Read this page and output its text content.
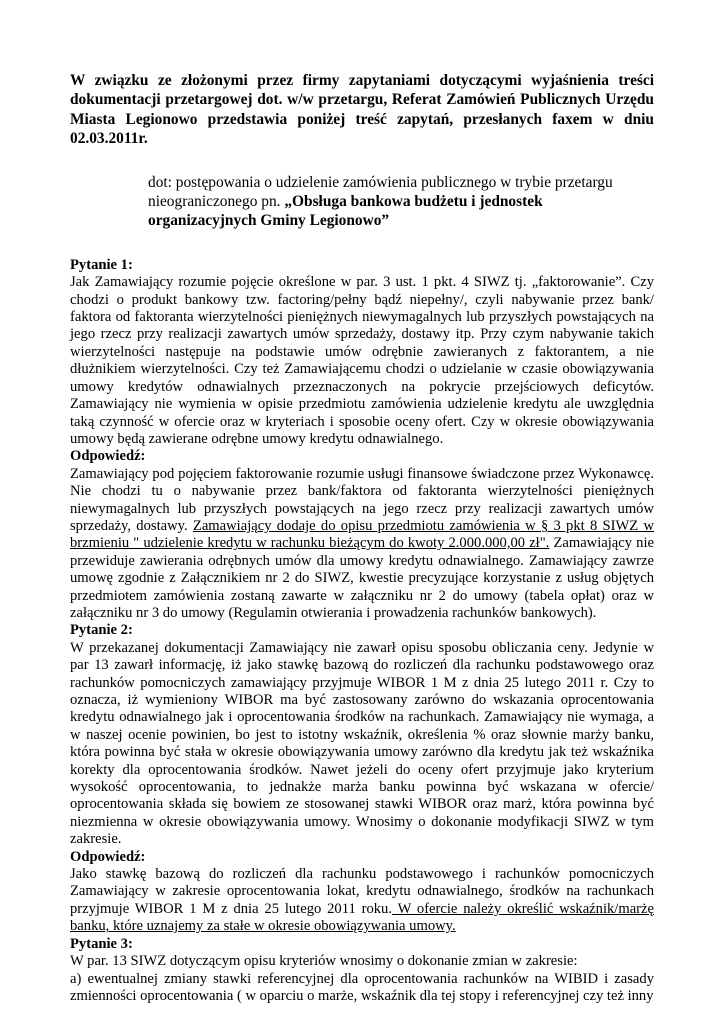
W związku ze złożonymi przez firmy zapytaniami dotyczącymi wyjaśnienia treści dokumentacji przetargowej dot. w/w przetargu, Referat Zamówień Publicznych Urzędu Miasta Legionowo przedstawia poniżej treść zapytań, przesłanych faxem w dniu 02.03.2011r.

dot: postępowania o udzielenie zamówienia publicznego w trybie przetargu nieograniczonego pn. „Obsługa bankowa budżetu i jednostek organizacyjnych Gminy Legionowo”

Pytanie 1:

Jak Zamawiający rozumie pojęcie określone w par. 3 ust. 1 pkt. 4 SIWZ tj. „faktorowanie”. Czy chodzi o produkt bankowy tzw. factoring/pełny bądź niepełny/, czyli nabywanie przez bank/ faktora od faktoranta wierzytelności pieniężnych niewymagalnych lub przyszłych powstających na jego rzecz przy realizacji zawartych umów sprzedaży, dostawy itp. Przy czym nabywanie takich wierzytelności następuje na podstawie umów odrębnie zawieranych z faktorantem, a nie dłużnikiem wierzytelności. Czy też Zamawiającemu chodzi o udzielanie w czasie obowiązywania umowy kredytów odnawialnych przeznaczonych na pokrycie przejściowych deficytów. Zamawiający nie wymienia w opisie przedmiotu zamówienia udzielenie kredytu ale uwzględnia taką czynność w ofercie oraz w kryteriach i sposobie oceny ofert. Czy w okresie obowiązywania umowy będą zawierane odrębne umowy kredytu odnawialnego.

Odpowiedź:

Zamawiający pod pojęciem faktorowanie rozumie usługi finansowe świadczone przez Wykonawcę. Nie chodzi tu o nabywanie przez bank/faktora od faktoranta wierzytelności pieniężnych niewymagalnych lub przyszłych powstających na jego rzecz przy realizacji zawartych umów sprzedaży, dostawy. Zamawiający dodaje do opisu przedmiotu zamówienia w § 3 pkt 8 SIWZ w brzmieniu " udzielenie kredytu w rachunku bieżącym do kwoty 2.000.000,00 zł". Zamawiający nie przewiduje zawierania odrębnych umów dla umowy kredytu odnawialnego. Zamawiający zawrze umowę zgodnie z Załącznikiem nr 2 do SIWZ, kwestie precyzujące korzystanie z usług objętych przedmiotem zamówienia zostaną zawarte w załączniku nr 2 do umowy (tabela opłat) oraz w załączniku nr 3 do umowy (Regulamin otwierania i prowadzenia rachunków bankowych).

Pytanie 2:

W przekazanej dokumentacji Zamawiający nie zawarł opisu sposobu obliczania ceny. Jedynie w par 13 zawarł informację, iż jako stawkę bazową do rozliczeń dla rachunku podstawowego oraz rachunków pomocniczych zamawiający przyjmuje WIBOR 1 M z dnia 25 lutego 2011 r. Czy to oznacza, iż wymieniony WIBOR ma być zastosowany zarówno do wskazania oprocentowania kredytu odnawialnego jak i oprocentowania środków na rachunkach. Zamawiający nie wymaga, a w naszej ocenie powinien, bo jest to istotny wskaźnik, określenia % oraz słownie marży banku, która powinna być stała w okresie obowiązywania umowy zarówno dla kredytu jak też wskaźnika korekty dla oprocentowania środków. Nawet jeżeli do oceny ofert przyjmuje jako kryterium wysokość oprocentowania, to jednakże marża banku powinna być wskazana w ofercie/ oprocentowania składa się bowiem ze stosowanej stawki WIBOR oraz marż, która powinna być niezmienna w okresie obowiązywania umowy. Wnosimy o dokonanie modyfikacji SIWZ w tym zakresie.

Odpowiedź:

Jako stawkę bazową do rozliczeń dla rachunku podstawowego i rachunków pomocniczych Zamawiający w zakresie oprocentowania lokat, kredytu odnawialnego, środków na rachunkach przyjmuje WIBOR 1 M z dnia 25 lutego 2011 roku. W ofercie należy określić wskaźnik/marżę banku, które uznajemy za stałe w okresie obowiązywania umowy.

Pytanie 3:

W par. 13 SIWZ dotyczącym opisu kryteriów wnosimy o dokonanie zmian w zakresie:

a) ewentualnej zmiany stawki referencyjnej dla oprocentowania rachunków na WIBID i zasady zmienności oprocentowania ( w oparciu o marże, wskaźnik dla tej stopy i referencyjnej czy też inny
